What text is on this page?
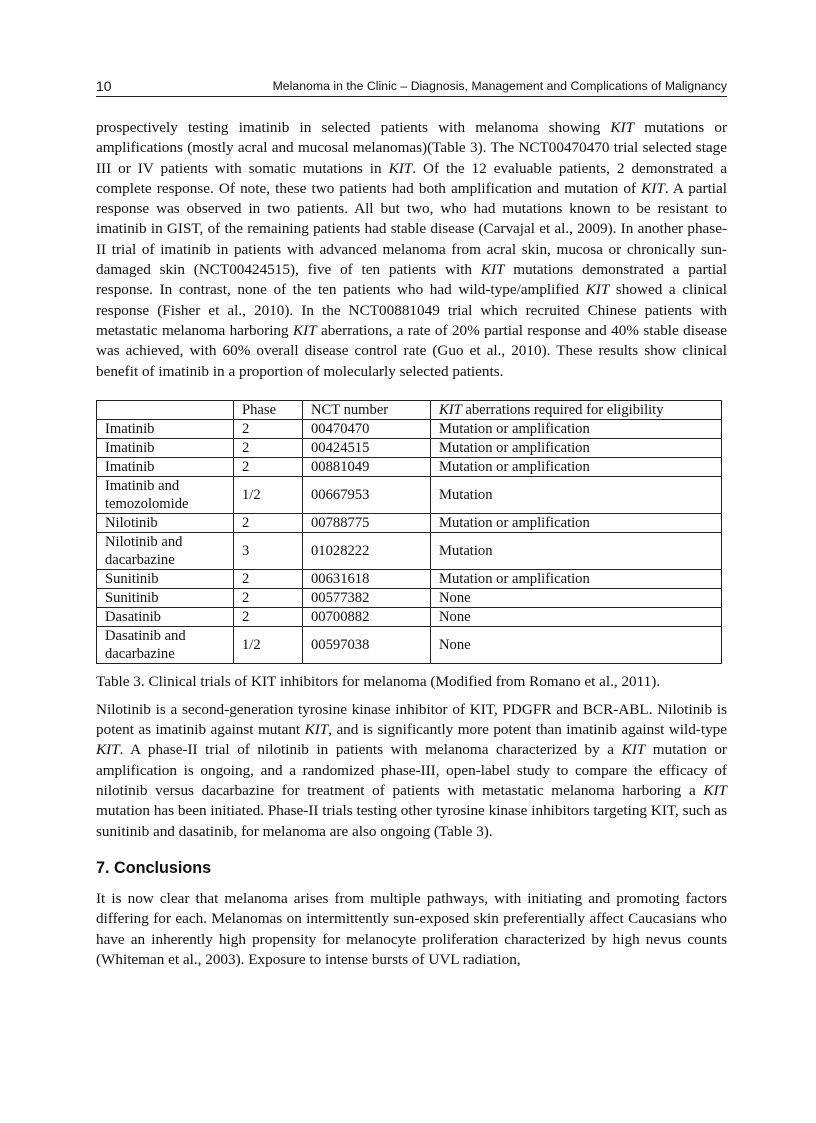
10	Melanoma in the Clinic – Diagnosis, Management and Complications of Malignancy

prospectively testing imatinib in selected patients with melanoma showing KIT mutations or amplifications (mostly acral and mucosal melanomas)(Table 3). The NCT00470470 trial selected stage III or IV patients with somatic mutations in KIT. Of the 12 evaluable patients, 2 demonstrated a complete response. Of note, these two patients had both amplification and mutation of KIT. A partial response was observed in two patients. All but two, who had mutations known to be resistant to imatinib in GIST, of the remaining patients had stable disease (Carvajal et al., 2009). In another phase-II trial of imatinib in patients with advanced melanoma from acral skin, mucosa or chronically sun-damaged skin (NCT00424515), five of ten patients with KIT mutations demonstrated a partial response. In contrast, none of the ten patients who had wild-type/amplified KIT showed a clinical response (Fisher et al., 2010). In the NCT00881049 trial which recruited Chinese patients with metastatic melanoma harboring KIT aberrations, a rate of 20% partial response and 40% stable disease was achieved, with 60% overall disease control rate (Guo et al., 2010). These results show clinical benefit of imatinib in a proportion of molecularly selected patients.

	Phase	NCT number	KIT aberrations required for eligibility
Imatinib	2	00470470	Mutation or amplification
Imatinib	2	00424515	Mutation or amplification
Imatinib	2	00881049	Mutation or amplification
Imatinib and temozolomide	1/2	00667953	Mutation
Nilotinib	2	00788775	Mutation or amplification
Nilotinib and dacarbazine	3	01028222	Mutation
Sunitinib	2	00631618	Mutation or amplification
Sunitinib	2	00577382	None
Dasatinib	2	00700882	None
Dasatinib and dacarbazine	1/2	00597038	None
Table 3. Clinical trials of KIT inhibitors for melanoma (Modified from Romano et al., 2011).

Nilotinib is a second-generation tyrosine kinase inhibitor of KIT, PDGFR and BCR-ABL. Nilotinib is potent as imatinib against mutant KIT, and is significantly more potent than imatinib against wild-type KIT. A phase-II trial of nilotinib in patients with melanoma characterized by a KIT mutation or amplification is ongoing, and a randomized phase-III, open-label study to compare the efficacy of nilotinib versus dacarbazine for treatment of patients with metastatic melanoma harboring a KIT mutation has been initiated. Phase-II trials testing other tyrosine kinase inhibitors targeting KIT, such as sunitinib and dasatinib, for melanoma are also ongoing (Table 3).

7. Conclusions

It is now clear that melanoma arises from multiple pathways, with initiating and promoting factors differing for each. Melanomas on intermittently sun-exposed skin preferentially affect Caucasians who have an inherently high propensity for melanocyte proliferation characterized by high nevus counts (Whiteman et al., 2003). Exposure to intense bursts of UVL radiation,
